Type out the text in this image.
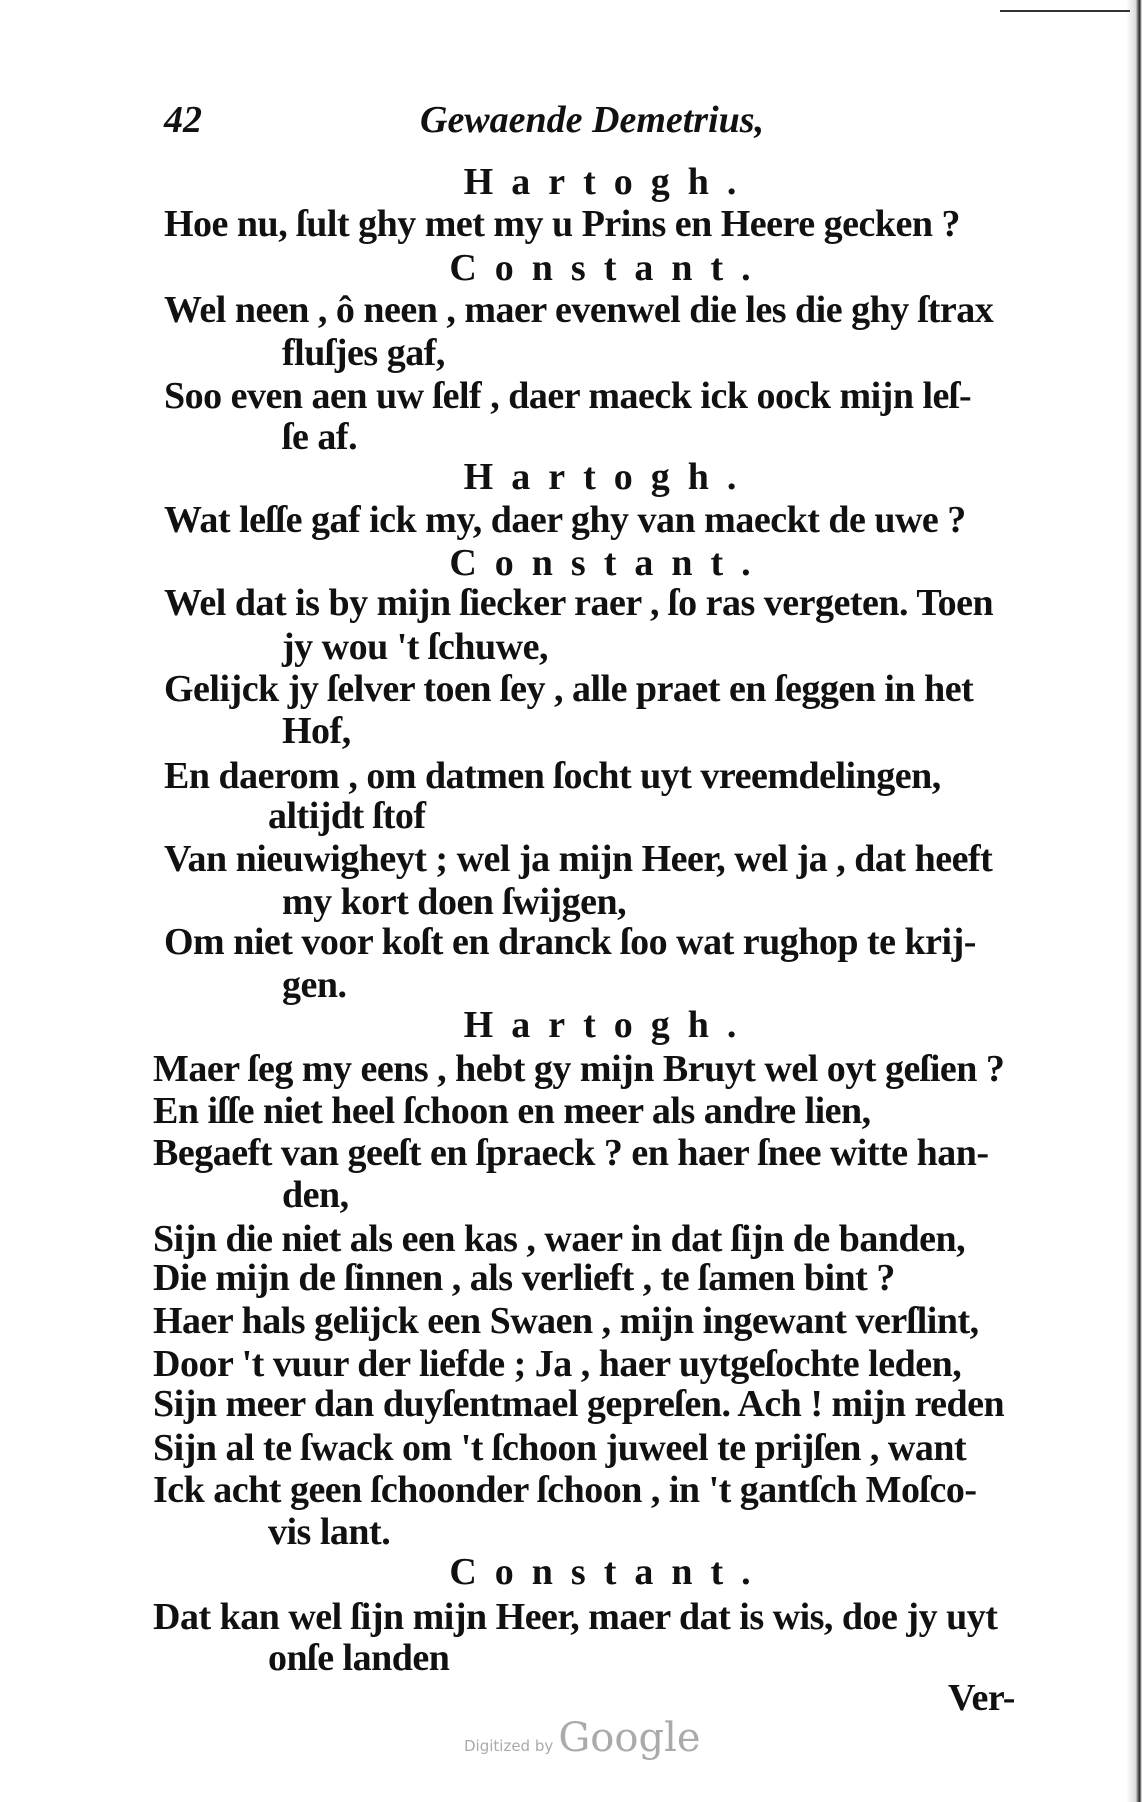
42	Gewaende Demetrius,
Hartogh.
Hoe nu, ſult ghy met my u Prins en Heere gecken ?
Constant.
Wel neen , ô neen , maer evenwel die les die ghy ſtrax
fluſjes gaf,
Soo even aen uw ſelf , daer maeck ick oock mijn leſ-
ſe af.
Hartogh.
Wat leſſe gaf ick my, daer ghy van maeckt de uwe ?
Constant.
Wel dat is by mijn ſiecker raer , ſo ras vergeten. Toen
jy wou 't ſchuwe,
Gelijck jy ſelver toen ſey , alle praet en ſeggen in het
Hof,
En daerom , om datmen ſocht uyt vreemdelingen,
altijdt ſtof
Van nieuwigheyt ; wel ja mijn Heer, wel ja , dat heeft
my kort doen ſwijgen,
Om niet voor koſt en dranck ſoo wat rughop te krij-
gen.
Hartogh.
Maer ſeg my eens , hebt gy mijn Bruyt wel oyt geſien ?
En iſſe niet heel ſchoon en meer als andre lien,
Begaeft van geeſt en ſpraeck ? en haer ſnee witte han-
den,
Sijn die niet als een kas , waer in dat ſijn de banden,
Die mijn de ſinnen , als verlieft , te ſamen bint ?
Haer hals gelijck een Swaen , mijn ingewant verſlint,
Door 't vuur der liefde ; Ja , haer uytgeſochte leden,
Sijn meer dan duyſentmael gepreſen. Ach ! mijn reden
Sijn al te ſwack om 't ſchoon juweel te prijſen , want
Ick acht geen ſchoonder ſchoon , in 't gantſch Moſco-
vis lant.
Constant.
Dat kan wel ſijn mijn Heer, maer dat is wis, doe jy uyt
onſe landen
Ver-
Digitized by Google
